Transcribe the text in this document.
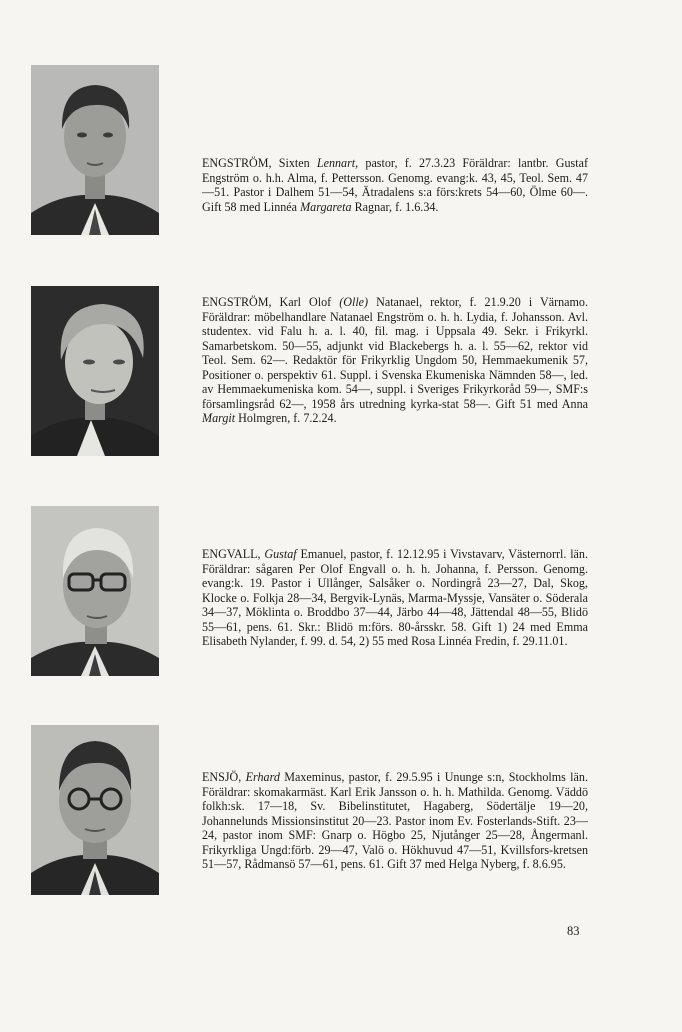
ENGSTRÖM, Sixten Lennart, pastor, f. 27.3.23 Föräldrar: lantbr. Gustaf Engström o. h.h. Alma, f. Pettersson. Genomg. evang:k. 43, 45, Teol. Sem. 47—51. Pastor i Dalhem 51—54, Ätradalens s:a förs:krets 54—60, Ölme 60—. Gift 58 med Linnéa Margareta Ragnar, f. 1.6.34.

ENGSTRÖM, Karl Olof (Olle) Natanael, rektor, f. 21.9.20 i Värnamo. Föräldrar: möbelhandlare Natanael Engström o. h. h. Lydia, f. Johansson. Avl. studentex. vid Falu h. a. l. 40, fil. mag. i Uppsala 49. Sekr. i Frikyrkl. Samarbetskom. 50—55, adjunkt vid Blackebergs h. a. l. 55—62, rektor vid Teol. Sem. 62—. Redaktör för Frikyrklig Ungdom 50, Hemmaekumenik 57, Positioner o. perspektiv 61. Suppl. i Svenska Ekumeniska Nämnden 58—, led. av Hemmaekumeniska kom. 54—, suppl. i Sveriges Frikyrkoråd 59—, SMF:s församlingsråd 62—, 1958 års utredning kyrka-stat 58—. Gift 51 med Anna Margit Holmgren, f. 7.2.24.

ENGVALL, Gustaf Emanuel, pastor, f. 12.12.95 i Vivstavarv, Västernorrl. län. Föräldrar: sågaren Per Olof Engvall o. h. h. Johanna, f. Persson. Genomg. evang:k. 19. Pastor i Ullånger, Salsåker o. Nordingrå 23—27, Dal, Skog, Klocke o. Folkja 28—34, Bergvik-Lynäs, Marma-Myssje, Vansäter o. Söderala 34—37, Möklinta o. Broddbo 37—44, Järbo 44—48, Jättendal 48—55, Blidö 55—61, pens. 61. Skr.: Blidö m:förs. 80-årsskr. 58. Gift 1) 24 med Emma Elisabeth Nylander, f. 99. d. 54, 2) 55 med Rosa Linnéa Fredin, f. 29.11.01.

ENSJÖ, Erhard Maxeminus, pastor, f. 29.5.95 i Ununge s:n, Stockholms län. Föräldrar: skomakarmäst. Karl Erik Jansson o. h. h. Mathilda. Genomg. Väddö folkh:sk. 17—18, Sv. Bibelinstitutet, Hagaberg, Södertälje 19—20, Johannelunds Missionsinstitut 20—23. Pastor inom Ev. Fosterlands-Stift. 23—24, pastor inom SMF: Gnarp o. Högbo 25, Njutånger 25—28, Ångermanl. Frikyrkliga Ungd:förb. 29—47, Valö o. Hökhuvud 47—51, Kvillsfors-kretsen 51—57, Rådmansö 57—61, pens. 61. Gift 37 med Helga Nyberg, f. 8.6.95.

83
